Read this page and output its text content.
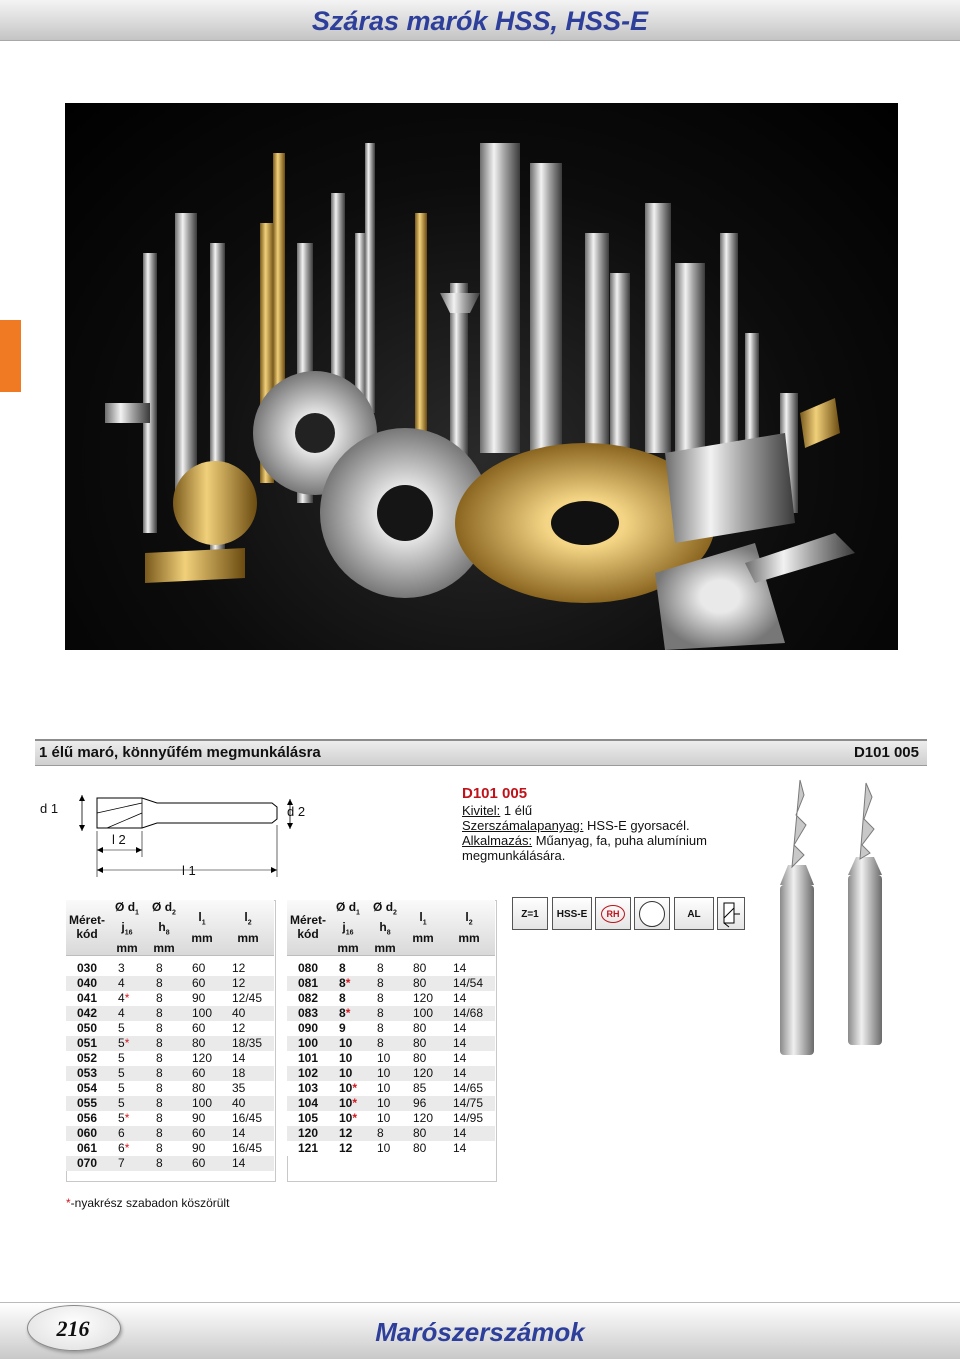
Száras marók HSS, HSS-E
1 élű maró, könnyűfém megmunkálásra	D101 005
d 1	d 2
l 2
l 1
D101 005
Kivitel: 1 élű
Szerszámalapanyag: HSS-E gyorsacél.
Alkalmazás: Műanyag, fa, puha alumínium
megmunkálására.
Méret-
kód	Ø $d_1$
$j_{16}$
mm	Ø $d_2$
$h_8$
mm	$l_1$
mm	$l_2$
mm

030	3	8	60	12
040	4	8	60	12
041	4*	8	90	12/45
042	4	8	100	40
050	5	8	60	12
051	5*	8	80	18/35
052	5	8	120	14
053	5	8	60	18
054	5	8	80	35
055	5	8	100	40
056	5*	8	90	16/45
060	6	8	60	14
061	6*	8	90	16/45
070	7	8	60	14
Méret-
kód	Ø $d_1$
$j_{16}$
mm	Ø $d_2$
$h_8$
mm	$l_1$
mm	$l_2$
mm

080	8	8	80	14
081	8*	8	80	14/54
082	8	8	120	14
083	8*	8	100	14/68
090	9	8	80	14
100	10	8	80	14
101	10	10	80	14
102	10	10	120	14
103	10*	10	85	14/65
104	10*	10	96	14/75
105	10*	10	120	14/95
120	12	8	80	14
121	12	10	80	14
Z=1	HSS-E	RH	AL
*-nyakrész szabadon köszörült
216	Marószerszámok
